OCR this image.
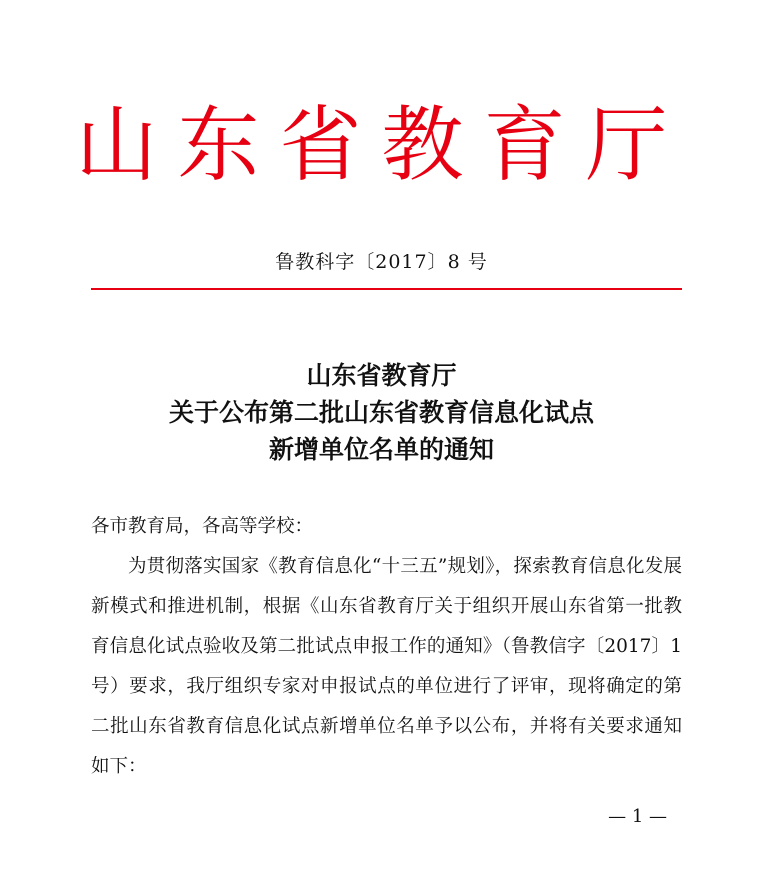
山东省教育厅
鲁教科字〔2017〕8 号
山东省教育厅
关于公布第二批山东省教育信息化试点
新增单位名单的通知

各市教育局，各高等学校：

为贯彻落实国家《教育信息化“十三五”规划》，探索教育信息化发展新模式和推进机制，根据《山东省教育厅关于组织开展山东省第一批教育信息化试点验收及第二批试点申报工作的通知》（鲁教信字〔2017〕1 号）要求，我厅组织专家对申报试点的单位进行了评审，现将确定的第二批山东省教育信息化试点新增单位名单予以公布，并将有关要求通知如下：

— 1 —
